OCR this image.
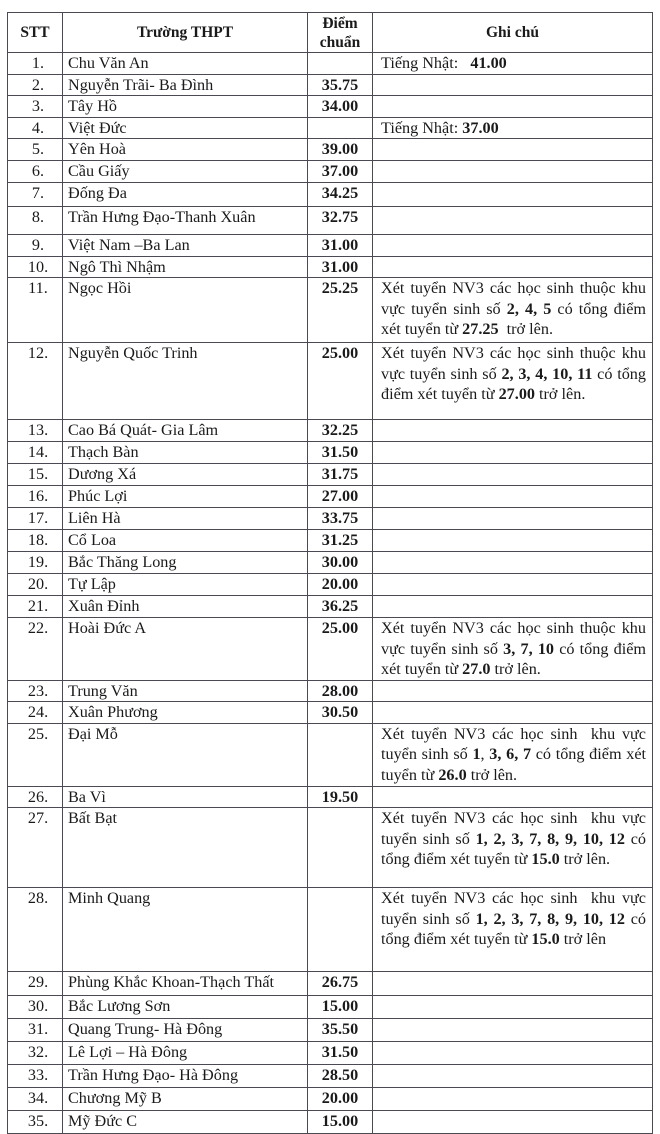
STT	Trường THPT	Điểm
chuẩn	Ghi chú
1.	Chu Văn An		Tiếng Nhật:   41.00
2.	Nguyễn Trãi- Ba Đình	35.75	
3.	Tây Hồ	34.00	
4.	Việt Đức		Tiếng Nhật: 37.00
5.	Yên Hoà	39.00	
6.	Cầu Giấy	37.00	
7.	Đống Đa	34.25	
8.	Trần Hưng Đạo-Thanh Xuân	32.75	
9.	Việt Nam –Ba Lan	31.00	
10.	Ngô Thì Nhậm	31.00	
11.	Ngọc Hồi	25.25	Xét tuyển NV3 các học sinh thuộc khu vực tuyển sinh số 2, 4, 5 có tổng điểm xét tuyển từ 27.25  trở lên.
12.	Nguyễn Quốc Trinh	25.00	Xét tuyển NV3 các học sinh thuộc khu vực tuyển sinh số 2, 3, 4, 10, 11 có tổng điểm xét tuyển từ 27.00 trở lên.
13.	Cao Bá Quát- Gia Lâm	32.25	
14.	Thạch Bàn	31.50	
15.	Dương Xá	31.75	
16.	Phúc Lợi	27.00	
17.	Liên Hà	33.75	
18.	Cổ Loa	31.25	
19.	Bắc Thăng Long	30.00	
20.	Tự Lập	20.00	
21.	Xuân Đỉnh	36.25	
22.	Hoài Đức A	25.00	Xét tuyển NV3 các học sinh thuộc khu vực tuyển sinh số 3, 7, 10 có tổng điểm xét tuyển từ 27.0 trở lên.
23.	Trung Văn	28.00	
24.	Xuân Phương	30.50	
25.	Đại Mỗ		Xét tuyển NV3 các học sinh  khu vực tuyển sinh số 1, 3, 6, 7 có tổng điểm xét tuyển từ 26.0 trở lên.
26.	Ba Vì	19.50	
27.	Bất Bạt		Xét tuyển NV3 các học sinh  khu vực tuyển sinh số 1, 2, 3, 7, 8, 9, 10, 12 có tổng điểm xét tuyển từ 15.0 trở lên.
28.	Minh Quang		Xét tuyển NV3 các học sinh  khu vực tuyển sinh số 1, 2, 3, 7, 8, 9, 10, 12 có tổng điểm xét tuyển từ 15.0 trở lên
29.	Phùng Khắc Khoan-Thạch Thất	26.75	
30.	Bắc Lương Sơn	15.00	
31.	Quang Trung- Hà Đông	35.50	
32.	Lê Lợi – Hà Đông	31.50	
33.	Trần Hưng Đạo- Hà Đông	28.50	
34.	Chương Mỹ B	20.00	
35.	Mỹ Đức C	15.00	
